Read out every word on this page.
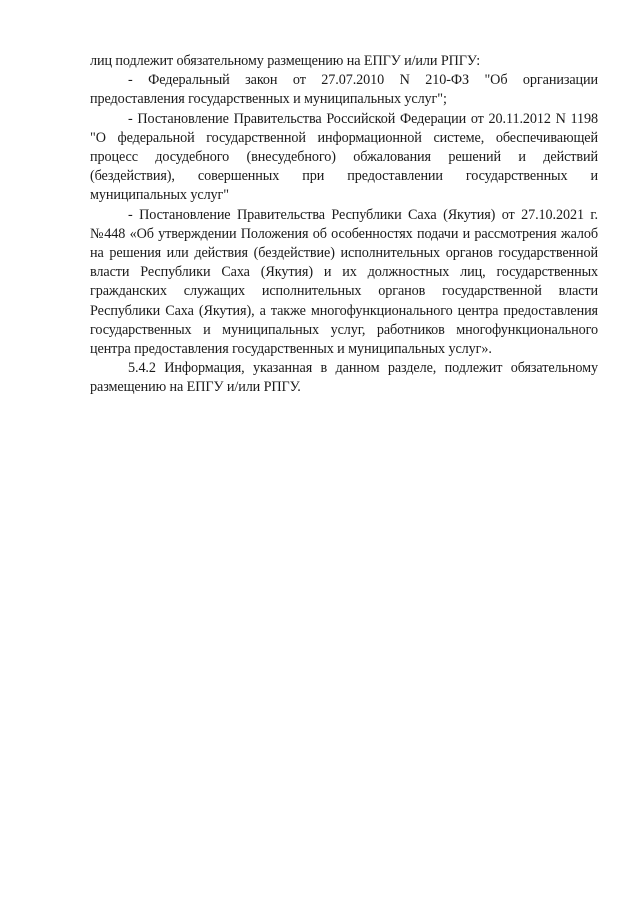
лиц подлежит обязательному размещению на ЕПГУ и/или РПГУ:

- Федеральный закон от 27.07.2010 N 210-ФЗ "Об организации предоставления государственных и муниципальных услуг";

- Постановление Правительства Российской Федерации от 20.11.2012 N 1198 "О федеральной государственной информационной системе, обеспечивающей процесс досудебного (внесудебного) обжалования решений и действий (бездействия), совершенных при предоставлении государственных и муниципальных услуг"

- Постановление Правительства Республики Саха (Якутия) от 27.10.2021 г. №448 «Об утверждении Положения об особенностях подачи и рассмотрения жалоб на решения или действия (бездействие) исполнительных органов государственной власти Республики Саха (Якутия) и их должностных лиц, государственных гражданских служащих исполнительных органов государственной власти Республики Саха (Якутия), а также многофункционального центра предоставления государственных и муниципальных услуг, работников многофункционального центра предоставления государственных и муниципальных услуг».

5.4.2 Информация, указанная в данном разделе, подлежит обязательному размещению на ЕПГУ и/или РПГУ.
